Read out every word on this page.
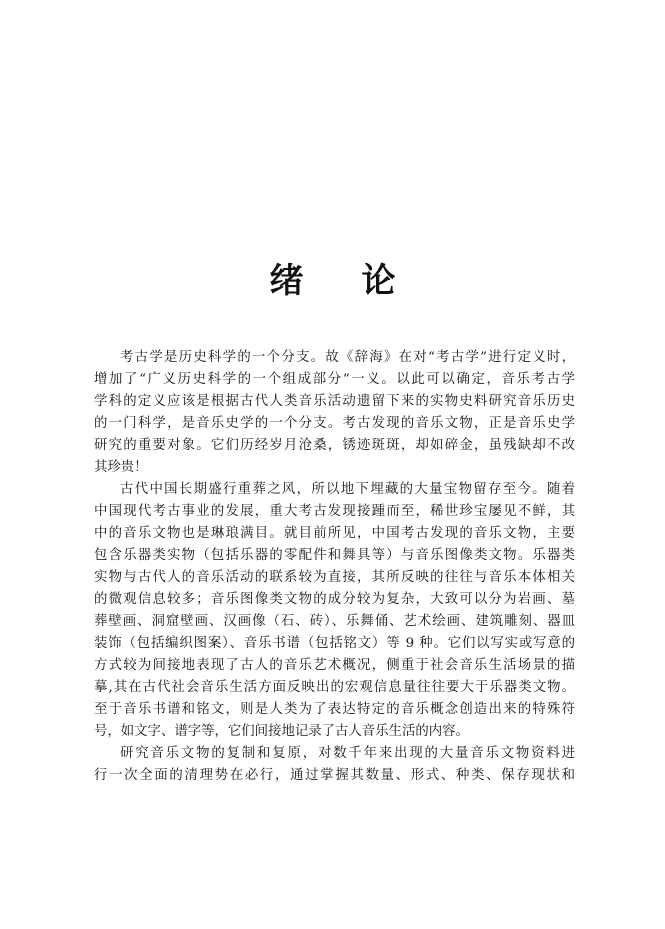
绪 论
考古学是历史科学的一个分支。故《辞海》在对“考古学”进行定义时，
增加了“广义历史科学的一个组成部分”一义。以此可以确定，音乐考古学
学科的定义应该是根据古代人类音乐活动遗留下来的实物史料研究音乐历史
的一门科学，是音乐史学的一个分支。考古发现的音乐文物，正是音乐史学
研究的重要对象。它们历经岁月沧桑，锈迹斑斑，却如碎金，虽残缺却不改
其珍贵！
古代中国长期盛行重葬之风，所以地下埋藏的大量宝物留存至今。随着
中国现代考古事业的发展，重大考古发现接踵而至，稀世珍宝屡见不鲜，其
中的音乐文物也是琳琅满目。就目前所见，中国考古发现的音乐文物，主要
包含乐器类实物（包括乐器的零配件和舞具等）与音乐图像类文物。乐器类
实物与古代人的音乐活动的联系较为直接，其所反映的往往与音乐本体相关
的微观信息较多；音乐图像类文物的成分较为复杂，大致可以分为岩画、墓
葬壁画、洞窟壁画、汉画像（石、砖）、乐舞俑、艺术绘画、建筑雕刻、器皿
装饰（包括编织图案）、音乐书谱（包括铭文）等 9 种。它们以写实或写意的
方式较为间接地表现了古人的音乐艺术概况，侧重于社会音乐生活场景的描
摹,其在古代社会音乐生活方面反映出的宏观信息量往往要大于乐器类文物。
至于音乐书谱和铭文，则是人类为了表达特定的音乐概念创造出来的特殊符
号，如文字、谱字等，它们间接地记录了古人音乐生活的内容。
研究音乐文物的复制和复原，对数千年来出现的大量音乐文物资料进
行一次全面的清理势在必行，通过掌握其数量、形式、种类、保存现状和
